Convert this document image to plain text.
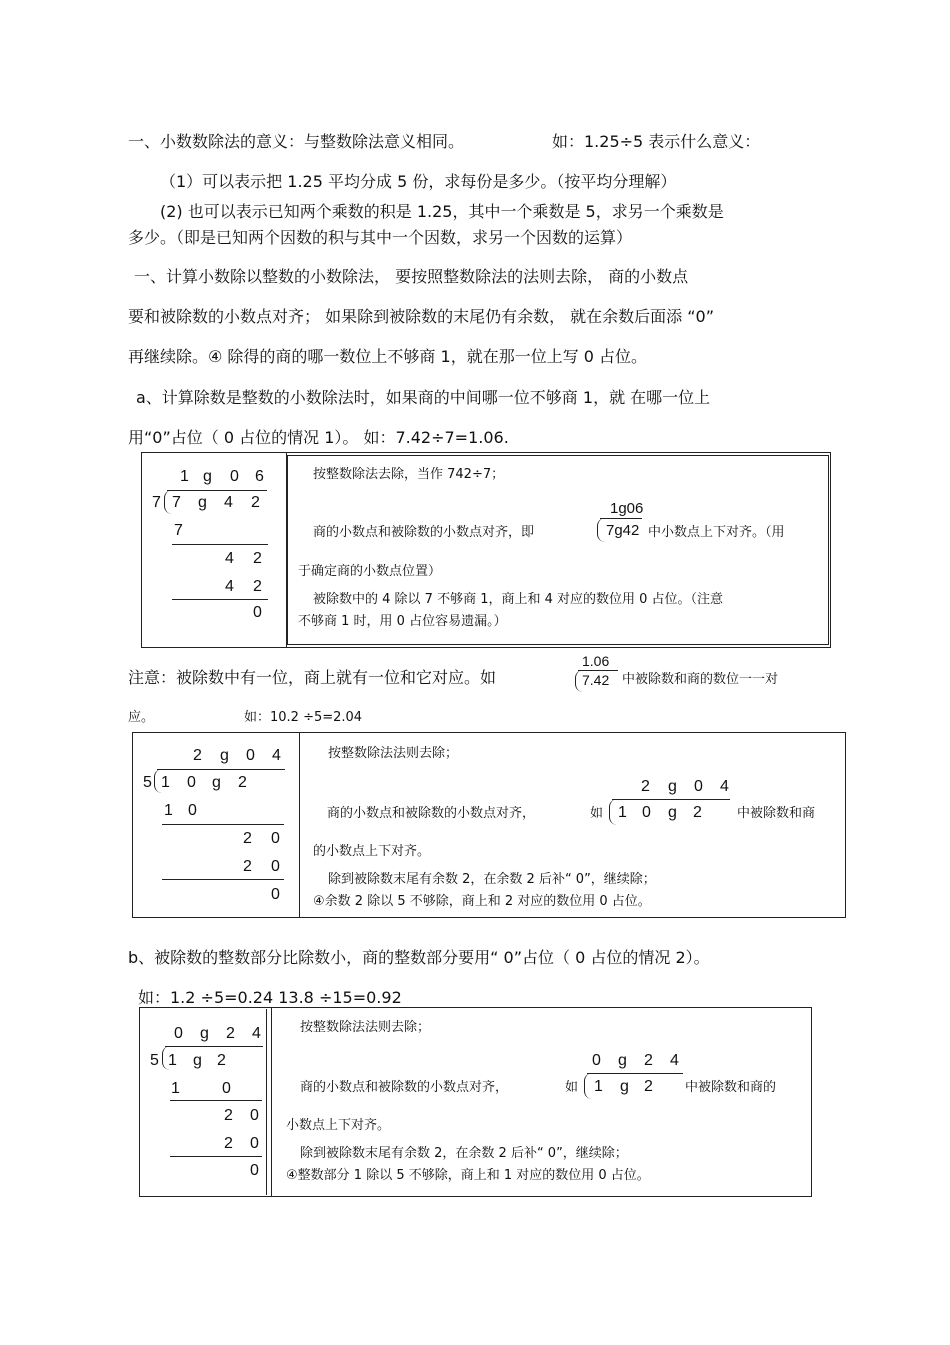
一、小数数除法的意义：与整数除法意义相同。	如：1.25÷5 表示什么意义：
（1）可以表示把 1.25 平均分成 5 份，求每份是多少。（按平均分理解）
(2) 也可以表示已知两个乘数的积是 1.25，其中一个乘数是 5，求另一个乘数是
多少。（即是已知两个因数的积与其中一个因数，求另一个因数的运算）
一、计算小数除以整数的小数除法， 要按照整数除法的法则去除， 商的小数点
要和被除数的小数点对齐； 如果除到被除数的末尾仍有余数， 就在余数后面添 “0”
再继续除。④ 除得的商的哪一数位上不够商 1，就在那一位上写 0 占位。
a、计算除数是整数的小数除法时，如果商的中间哪一位不够商 1，就 在哪一位上
用“0”占位（ 0 占位的情况 1）。 如：7.42÷7=1.06.
1 g 0 6
7 7 g 4 2
7
4 2
4 2
0
按整数除法去除，当作 742÷7；
1g06
7g42
商的小数点和被除数的小数点对齐，即	中小数点上下对齐。（用
于确定商的小数点位置）
被除数中的 4 除以 7 不够商 1，商上和 4 对应的数位用 0 占位。（注意
不够商 1 时，用 0 占位容易遗漏。）
注意：被除数中有一位，商上就有一位和它对应。如
1.06
7.42 中被除数和商的数位一一对
应。	如：10.2 ÷5=2.04
2 g 0 4
5 1 0 g 2
1 0
2 0
2 0
0
按整数除法法则去除；
2 g 0 4
1 0 g 2
商的小数点和被除数的小数点对齐，	如	中被除数和商
的小数点上下对齐。
除到被除数末尾有余数 2，在余数 2 后补“ 0”，继续除；
④余数 2 除以 5 不够除，商上和 2 对应的数位用 0 占位。
b、被除数的整数部分比除数小，商的整数部分要用“ 0”占位（ 0 占位的情况 2）。
如：1.2 ÷5=0.24 13.8 ÷15=0.92
0 g 2 4
5 1 g 2
1	0
2 0
2 0
0
按整数除法法则去除；
0 g 2 4
1 g 2
商的小数点和被除数的小数点对齐，	如	中被除数和商的
小数点上下对齐。
除到被除数末尾有余数 2，在余数 2 后补“ 0”，继续除；
④整数部分 1 除以 5 不够除，商上和 1 对应的数位用 0 占位。
